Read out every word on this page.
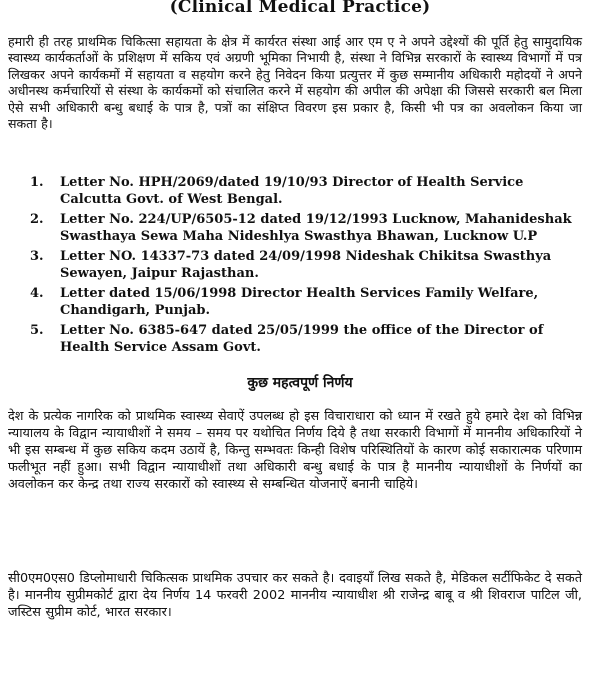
(Clinical Medical Practice)
हमारी ही तरह प्राथमिक चिकित्सा सहायता के क्षेत्र में कार्यरत संस्था आई आर एम ए ने अपने उद्देश्यों की पूर्ति हेतु सामुदायिक स्वास्थ्य कार्यकर्ताओं के प्रशिक्षण में सकिय एवं अग्रणी भूमिका निभायी है, संस्था ने विभिन्न सरकारों के स्वास्थ्य विभागों में पत्र लिखकर अपने कार्यकमों में सहायता व सहयोग करने हेतु निवेदन किया प्रत्युत्तर में कुछ सम्मानीय अधिकारी महोदयों ने अपने अधीनस्थ कर्मचारियों से संस्था के कार्यकमों को संचालित करने में सहयोग की अपील की अपेक्षा की जिससे सरकारी बल मिला ऐसे सभी अधिकारी बन्धु बधाई के पात्र है, पत्रों का संक्षिप्त विवरण इस प्रकार है, किसी भी पत्र का अवलोकन किया जा सकता है।
1. Letter No. HPH/2069/dated 19/10/93 Director of Health Service Calcutta Govt. of West Bengal.
2. Letter No. 224/UP/6505-12 dated 19/12/1993 Lucknow, Mahanideshak Swasthaya Sewa Maha Nideshlya Swasthya Bhawan, Lucknow U.P
3. Letter NO. 14337-73 dated 24/09/1998 Nideshak Chikitsa Swasthya Sewayen, Jaipur Rajasthan.
4. Letter dated 15/06/1998 Director Health Services Family Welfare, Chandigarh, Punjab.
5. Letter No. 6385-647 dated 25/05/1999 the office of the Director of Health Service Assam Govt.
कुछ महत्वपूर्ण निर्णय
देश के प्रत्येक नागरिक को प्राथमिक स्वास्थ्य सेवाऐं उपलब्ध हो इस विचाराधारा को ध्यान में रखते हुये हमारे देश को विभिन्न न्यायालय के विद्वान न्यायाधीशों ने समय – समय पर यथोचित निर्णय दिये है तथा सरकारी विभागों में माननीय अधिकारियों ने भी इस सम्बन्ध में कुछ सकिय कदम उठायें है, किन्तु सम्भवतः किन्ही विशेष परिस्थितियों के कारण कोई सकारात्मक परिणाम फलीभूत नहीं हुआ। सभी विद्वान न्यायाधीशों तथा अधिकारी बन्धु बधाई के पात्र है माननीय न्यायाधीशों के निर्णयों का अवलोकन कर केन्द्र तथा राज्य सरकारों को स्वास्थ्य से सम्बन्धित योजनाऐं बनानी चाहिये।
सी0एम0एस0 डिप्लोमाधारी चिकित्सक प्राथमिक उपचार कर सकते है। दवाइयाँ लिख सकते है, मेडिकल सर्टीफिकेट दे सकते है। माननीय सुप्रीमकोर्ट द्वारा देय निर्णय 14 फरवरी 2002 माननीय न्यायाधीश श्री राजेन्द्र बाबू व श्री शिवराज पाटिल जी, जस्टिस सुप्रीम कोर्ट, भारत सरकार।
